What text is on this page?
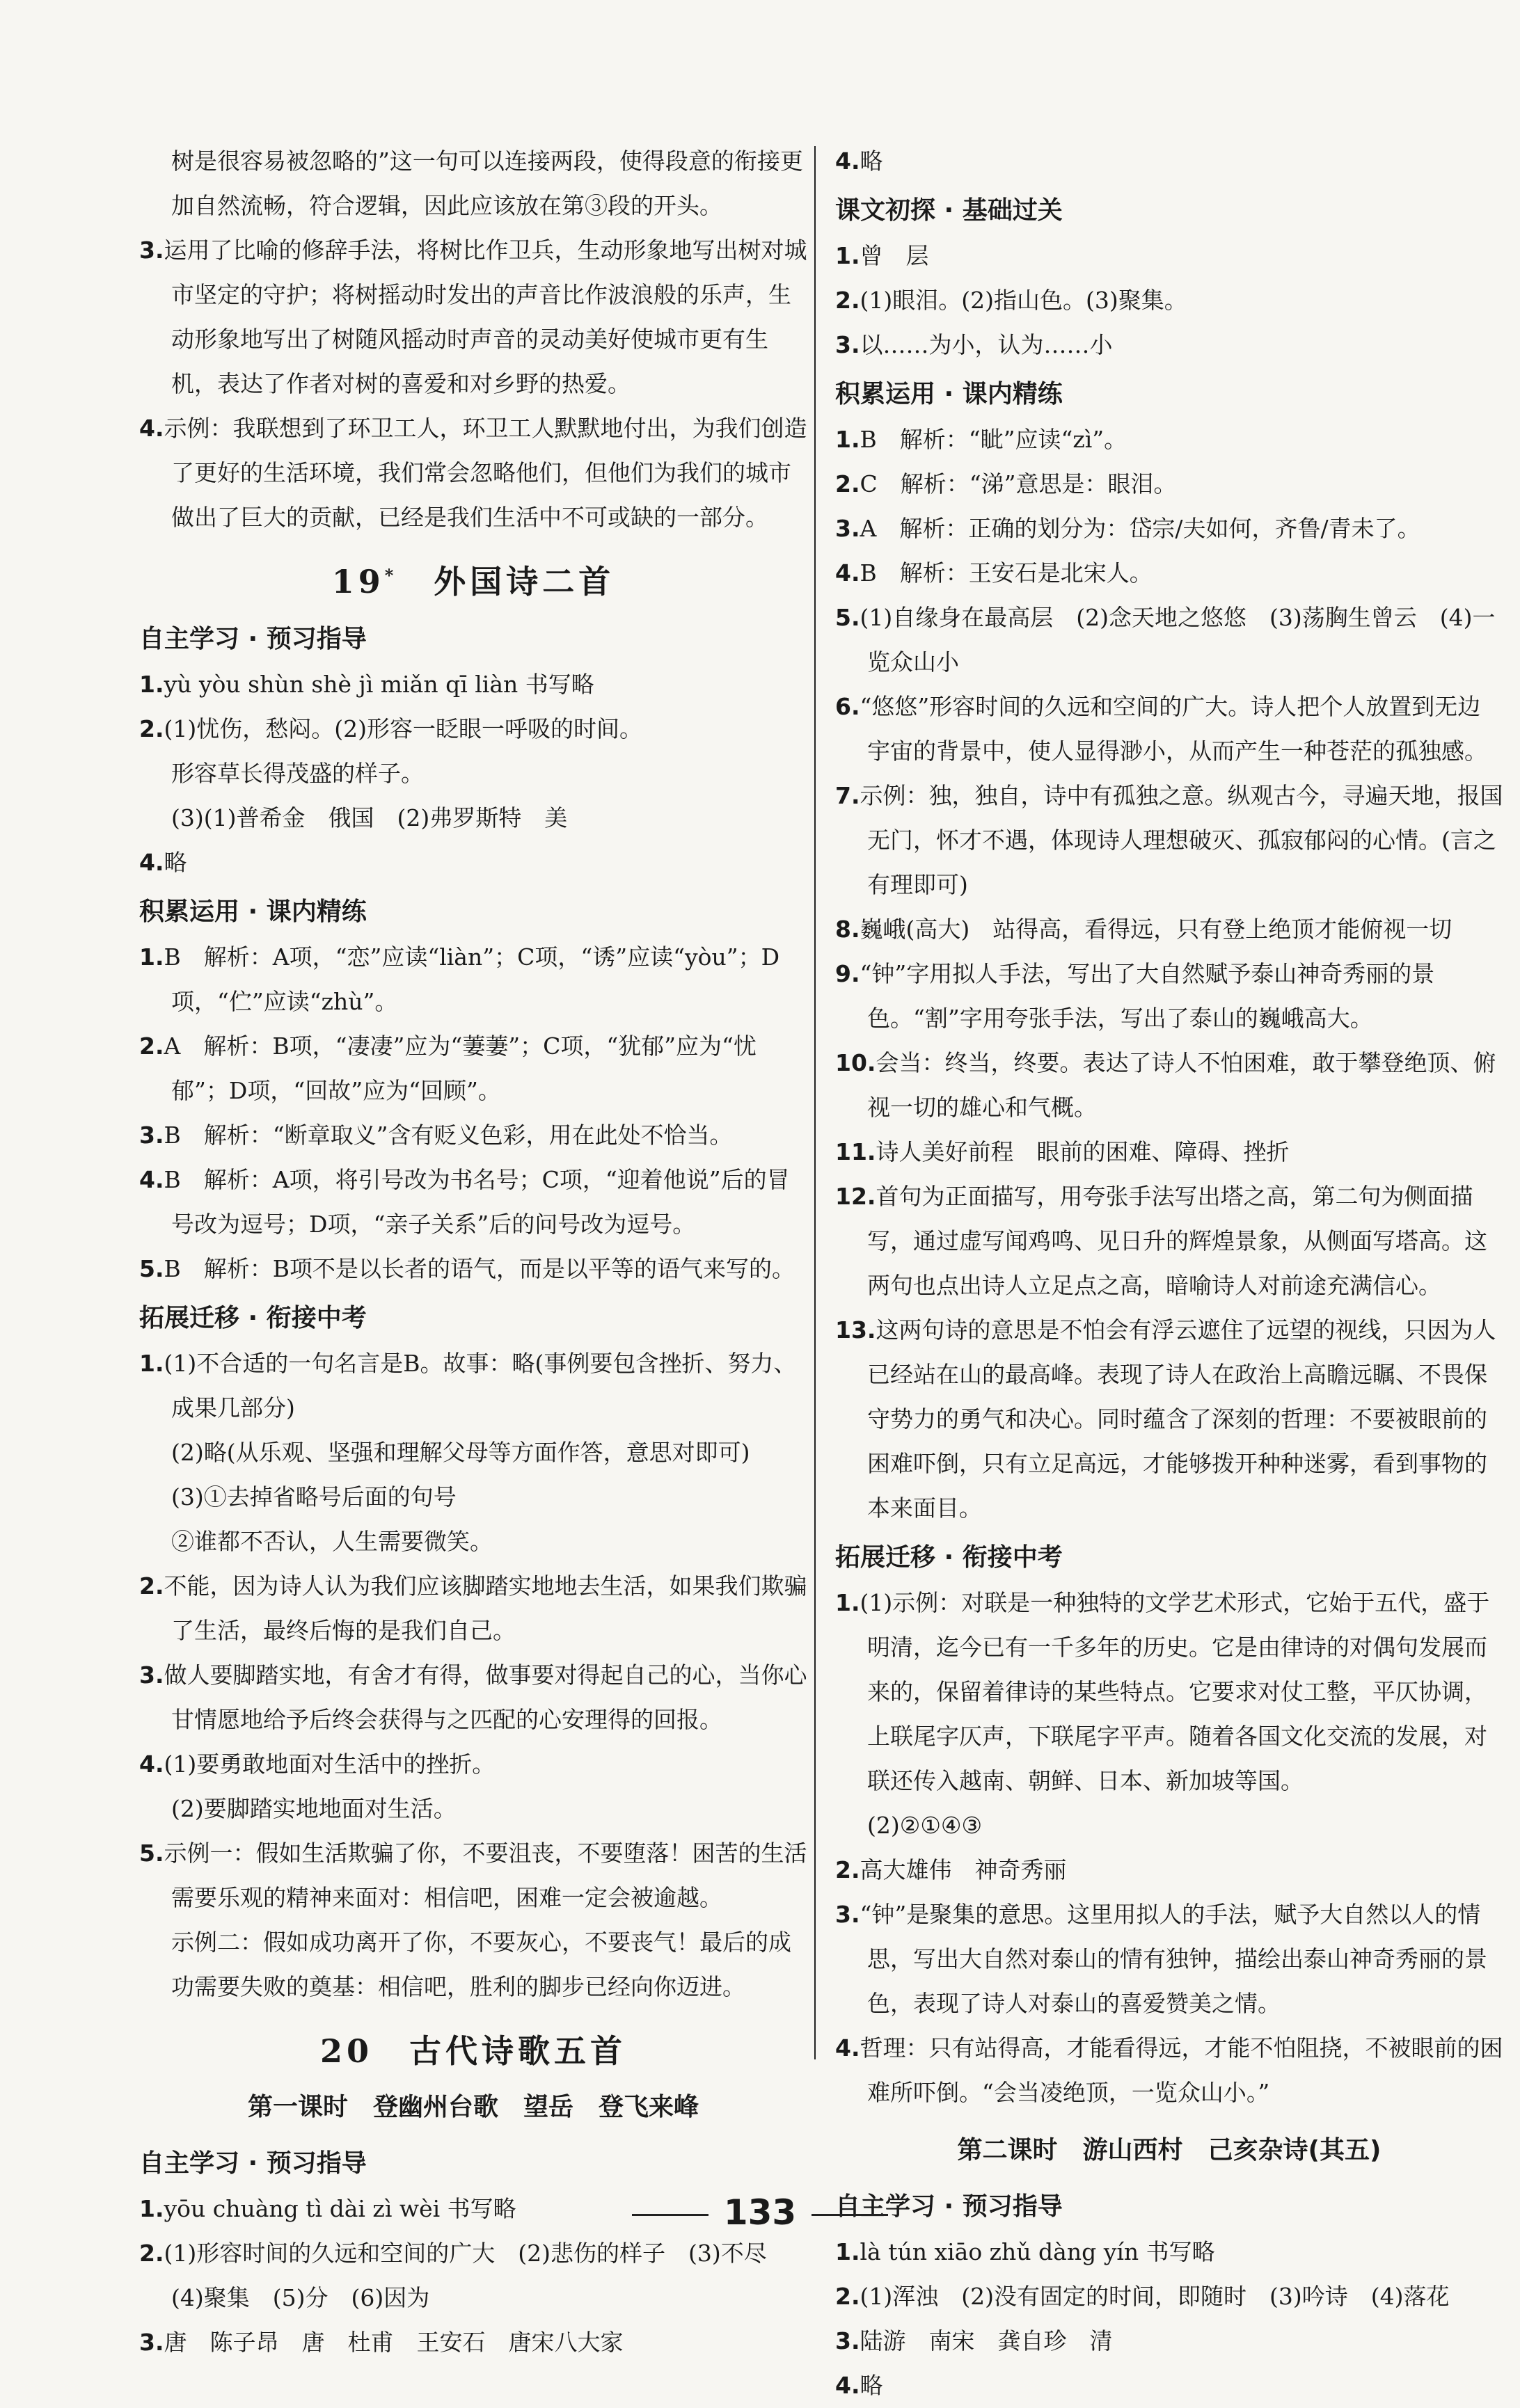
树是很容易被忽略的”这一句可以连接两段，使得段意的衔接更加自然流畅，符合逻辑，因此应该放在第③段的开头。
3.运用了比喻的修辞手法，将树比作卫兵，生动形象地写出树对城市坚定的守护；将树摇动时发出的声音比作波浪般的乐声，生动形象地写出了树随风摇动时声音的灵动美好使城市更有生机，表达了作者对树的喜爱和对乡野的热爱。
4.示例：我联想到了环卫工人，环卫工人默默地付出，为我们创造了更好的生活环境，我们常会忽略他们，但他们为我们的城市做出了巨大的贡献，已经是我们生活中不可或缺的一部分。
19*　 外国诗二首
自主学习 · 预习指导
1.yù yòu shùn shè jì miǎn qī liàn 书写略
2.(1)忧伤，愁闷。(2)形容一眨眼一呼吸的时间。
形容草长得茂盛的样子。
(3)(1)普希金　俄国　(2)弗罗斯特　美
4.略
积累运用 · 课内精练
1.B　解析：A项，“恋”应读“liàn”；C项，“诱”应读“yòu”；D项，“伫”应读“zhù”。
2.A　解析：B项，“凄凄”应为“萋萋”；C项，“犹郁”应为“忧郁”；D项，“回故”应为“回顾”。
3.B　解析：“断章取义”含有贬义色彩，用在此处不恰当。
4.B　解析：A项，将引号改为书名号；C项，“迎着他说”后的冒号改为逗号；D项，“亲子关系”后的问号改为逗号。
5.B　解析：B项不是以长者的语气，而是以平等的语气来写的。
拓展迁移 · 衔接中考
1.(1)不合适的一句名言是B。故事：略(事例要包含挫折、努力、成果几部分)
(2)略(从乐观、坚强和理解父母等方面作答，意思对即可)
(3)①去掉省略号后面的句号
②谁都不否认，人生需要微笑。
2.不能，因为诗人认为我们应该脚踏实地地去生活，如果我们欺骗了生活，最终后悔的是我们自己。
3.做人要脚踏实地，有舍才有得，做事要对得起自己的心，当你心甘情愿地给予后终会获得与之匹配的心安理得的回报。
4.(1)要勇敢地面对生活中的挫折。
(2)要脚踏实地地面对生活。
5.示例一：假如生活欺骗了你，不要沮丧，不要堕落！困苦的生活需要乐观的精神来面对：相信吧，困难一定会被逾越。
示例二：假如成功离开了你，不要灰心，不要丧气！最后的成功需要失败的奠基：相信吧，胜利的脚步已经向你迈进。
20　 古代诗歌五首
第一课时　登幽州台歌　望岳　登飞来峰
自主学习 · 预习指导
1.yōu chuàng tì dài zì wèi 书写略
2.(1)形容时间的久远和空间的广大　(2)悲伤的样子　(3)不尽　(4)聚集　(5)分　(6)因为
3.唐　陈子昂　唐　杜甫　王安石　唐宋八大家
4.略
课文初探 · 基础过关
1.曾　层
2.(1)眼泪。(2)指山色。(3)聚集。
3.以……为小，认为……小
积累运用 · 课内精练
1.B　解析：“眦”应读“zì”。
2.C　解析：“涕”意思是：眼泪。
3.A　解析：正确的划分为：岱宗/夫如何，齐鲁/青未了。
4.B　解析：王安石是北宋人。
5.(1)自缘身在最高层　(2)念天地之悠悠　(3)荡胸生曾云　(4)一览众山小
6.“悠悠”形容时间的久远和空间的广大。诗人把个人放置到无边宇宙的背景中，使人显得渺小，从而产生一种苍茫的孤独感。
7.示例：独，独自，诗中有孤独之意。纵观古今，寻遍天地，报国无门，怀才不遇，体现诗人理想破灭、孤寂郁闷的心情。(言之有理即可)
8.巍峨(高大)　站得高，看得远，只有登上绝顶才能俯视一切
9.“钟”字用拟人手法，写出了大自然赋予泰山神奇秀丽的景色。“割”字用夸张手法，写出了泰山的巍峨高大。
10.会当：终当，终要。表达了诗人不怕困难，敢于攀登绝顶、俯视一切的雄心和气概。
11.诗人美好前程　眼前的困难、障碍、挫折
12.首句为正面描写，用夸张手法写出塔之高，第二句为侧面描写，通过虚写闻鸡鸣、见日升的辉煌景象，从侧面写塔高。这两句也点出诗人立足点之高，暗喻诗人对前途充满信心。
13.这两句诗的意思是不怕会有浮云遮住了远望的视线，只因为人已经站在山的最高峰。表现了诗人在政治上高瞻远瞩、不畏保守势力的勇气和决心。同时蕴含了深刻的哲理：不要被眼前的困难吓倒，只有立足高远，才能够拨开种种迷雾，看到事物的本来面目。
拓展迁移 · 衔接中考
1.(1)示例：对联是一种独特的文学艺术形式，它始于五代，盛于明清，迄今已有一千多年的历史。它是由律诗的对偶句发展而来的，保留着律诗的某些特点。它要求对仗工整，平仄协调，上联尾字仄声，下联尾字平声。随着各国文化交流的发展，对联还传入越南、朝鲜、日本、新加坡等国。
(2)②①④③
2.高大雄伟　神奇秀丽
3.“钟”是聚集的意思。这里用拟人的手法，赋予大自然以人的情思，写出大自然对泰山的情有独钟，描绘出泰山神奇秀丽的景色，表现了诗人对泰山的喜爱赞美之情。
4.哲理：只有站得高，才能看得远，才能不怕阻挠，不被眼前的困难所吓倒。“会当凌绝顶，一览众山小。”
第二课时　游山西村　己亥杂诗(其五)
自主学习 · 预习指导
1.là tún xiāo zhǔ dàng yín 书写略
2.(1)浑浊　(2)没有固定的时间，即随时　(3)吟诗　(4)落花
3.陆游　南宋　龚自珍　清
4.略
133
